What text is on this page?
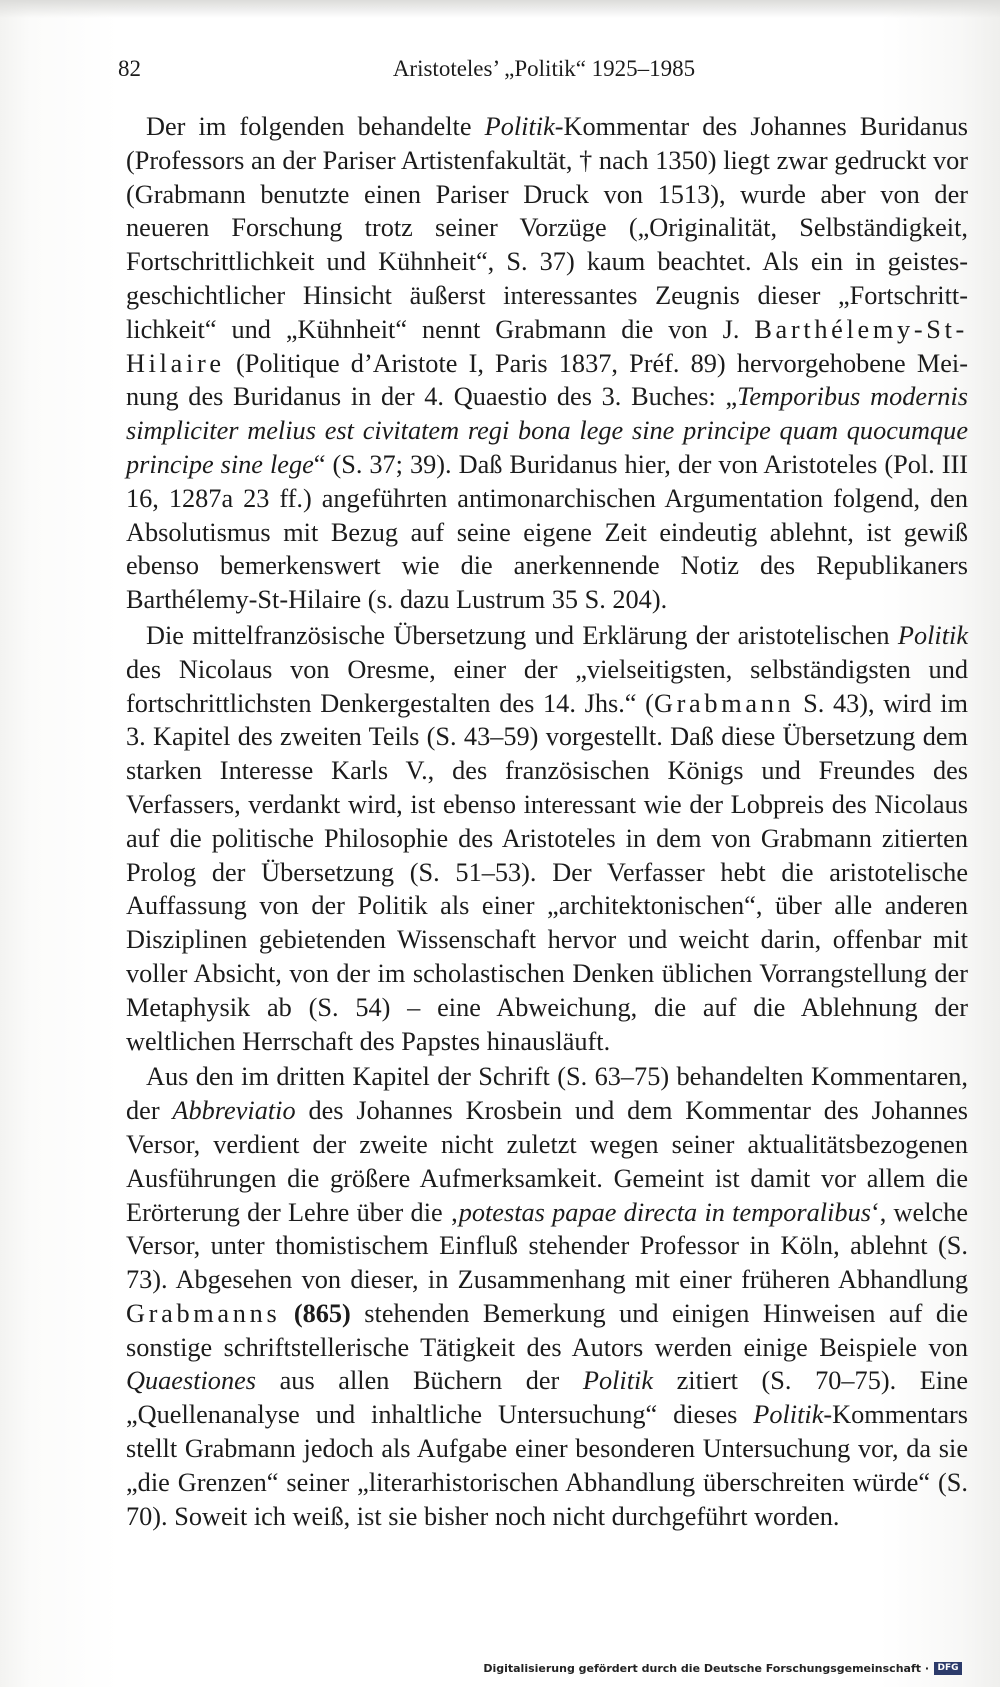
82	Aristoteles’ „Politik“ 1925–1985

Der im folgenden behandelte Politik-Kommentar des Johannes Buridanus (Professors an der Pariser Artistenfakultät, † nach 1350) liegt zwar gedruckt vor (Grabmann benutzte einen Pariser Druck von 1513), wurde aber von der neueren Forschung trotz seiner Vorzüge („Originalität, Selbständigkeit, Fortschrittlichkeit und Kühnheit“, S. 37) kaum beachtet. Als ein in geistesgeschichtlicher Hinsicht äußerst interessantes Zeugnis dieser „Fortschrittlichkeit“ und „Kühnheit“ nennt Grabmann die von J. Barthélemy-St-Hilaire (Politique d’Aristote I, Paris 1837, Préf. 89) hervorgehobene Meinung des Buridanus in der 4. Quaestio des 3. Buches: „Temporibus modernis simpliciter melius est civitatem regi bona lege sine principe quam quocumque principe sine lege“ (S. 37; 39). Daß Buridanus hier, der von Aristoteles (Pol. III 16, 1287a 23 ff.) angeführten antimonarchischen Argumentation folgend, den Absolutismus mit Bezug auf seine eigene Zeit eindeutig ablehnt, ist gewiß ebenso bemerkenswert wie die anerkennende Notiz des Republikaners Barthélemy-St-Hilaire (s. dazu Lustrum 35 S. 204).

Die mittelfranzösische Übersetzung und Erklärung der aristotelischen Politik des Nicolaus von Oresme, einer der „vielseitigsten, selbständigsten und fortschrittlichsten Denkergestalten des 14. Jhs.“ (Grabmann S. 43), wird im 3. Kapitel des zweiten Teils (S. 43–59) vorgestellt. Daß diese Übersetzung dem starken Interesse Karls V., des französischen Königs und Freundes des Verfassers, verdankt wird, ist ebenso interessant wie der Lobpreis des Nicolaus auf die politische Philosophie des Aristoteles in dem von Grabmann zitierten Prolog der Übersetzung (S. 51–53). Der Verfasser hebt die aristotelische Auffassung von der Politik als einer „architektonischen“, über alle anderen Disziplinen gebietenden Wissenschaft hervor und weicht darin, offenbar mit voller Absicht, von der im scholastischen Denken üblichen Vorrangstellung der Metaphysik ab (S. 54) – eine Abweichung, die auf die Ablehnung der weltlichen Herrschaft des Papstes hinausläuft.

Aus den im dritten Kapitel der Schrift (S. 63–75) behandelten Kommentaren, der Abbreviatio des Johannes Krosbein und dem Kommentar des Johannes Versor, verdient der zweite nicht zuletzt wegen seiner aktualitätsbezogenen Ausführungen die größere Aufmerksamkeit. Gemeint ist damit vor allem die Erörterung der Lehre über die ‚potestas papae directa in temporalibus‘, welche Versor, unter thomistischem Einfluß stehender Professor in Köln, ablehnt (S. 73). Abgesehen von dieser, in Zusammenhang mit einer früheren Abhandlung Grabmanns (865) stehenden Bemerkung und einigen Hinweisen auf die sonstige schriftstellerische Tätigkeit des Autors werden einige Beispiele von Quaestiones aus allen Büchern der Politik zitiert (S. 70–75). Eine „Quellenanalyse und inhaltliche Untersuchung“ dieses Politik-Kommentars stellt Grabmann jedoch als Aufgabe einer besonderen Untersuchung vor, da sie „die Grenzen“ seiner „literarhistorischen Abhandlung überschreiten würde“ (S. 70). Soweit ich weiß, ist sie bisher noch nicht durchgeführt worden.

Digitalisierung gefördert durch die Deutsche Forschungsgemeinschaft · DFG
